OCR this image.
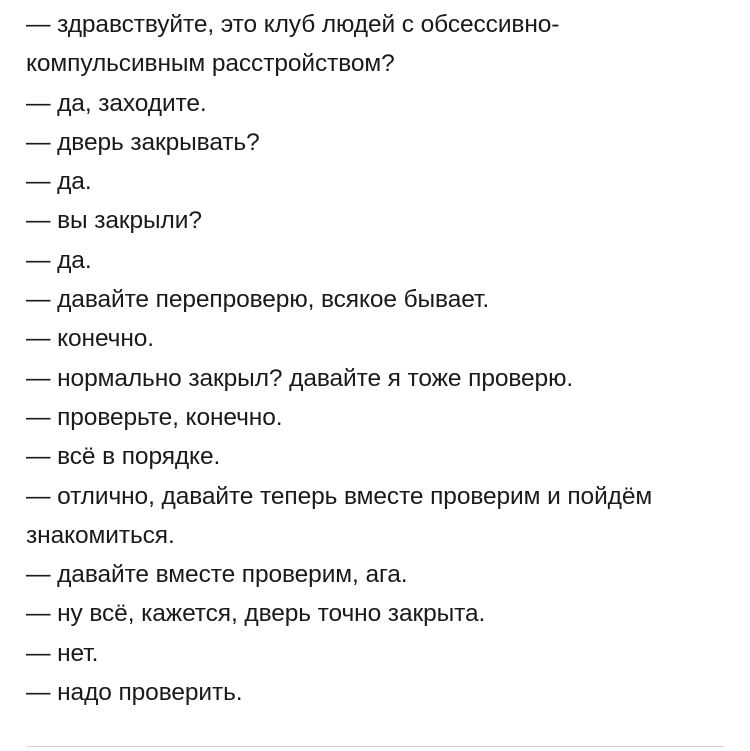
— здравствуйте, это клуб людей с обсессивно-компульсивным расстройством?

— да, заходите.

— дверь закрывать?

— да.

— вы закрыли?

— да.

— давайте перепроверю, всякое бывает.

— конечно.

— нормально закрыл? давайте я тоже проверю.

— проверьте, конечно.

— всё в порядке.

— отлично, давайте теперь вместе проверим и пойдём знакомиться.

— давайте вместе проверим, ага.

— ну всё, кажется, дверь точно закрыта.

— нет.

— надо проверить.
